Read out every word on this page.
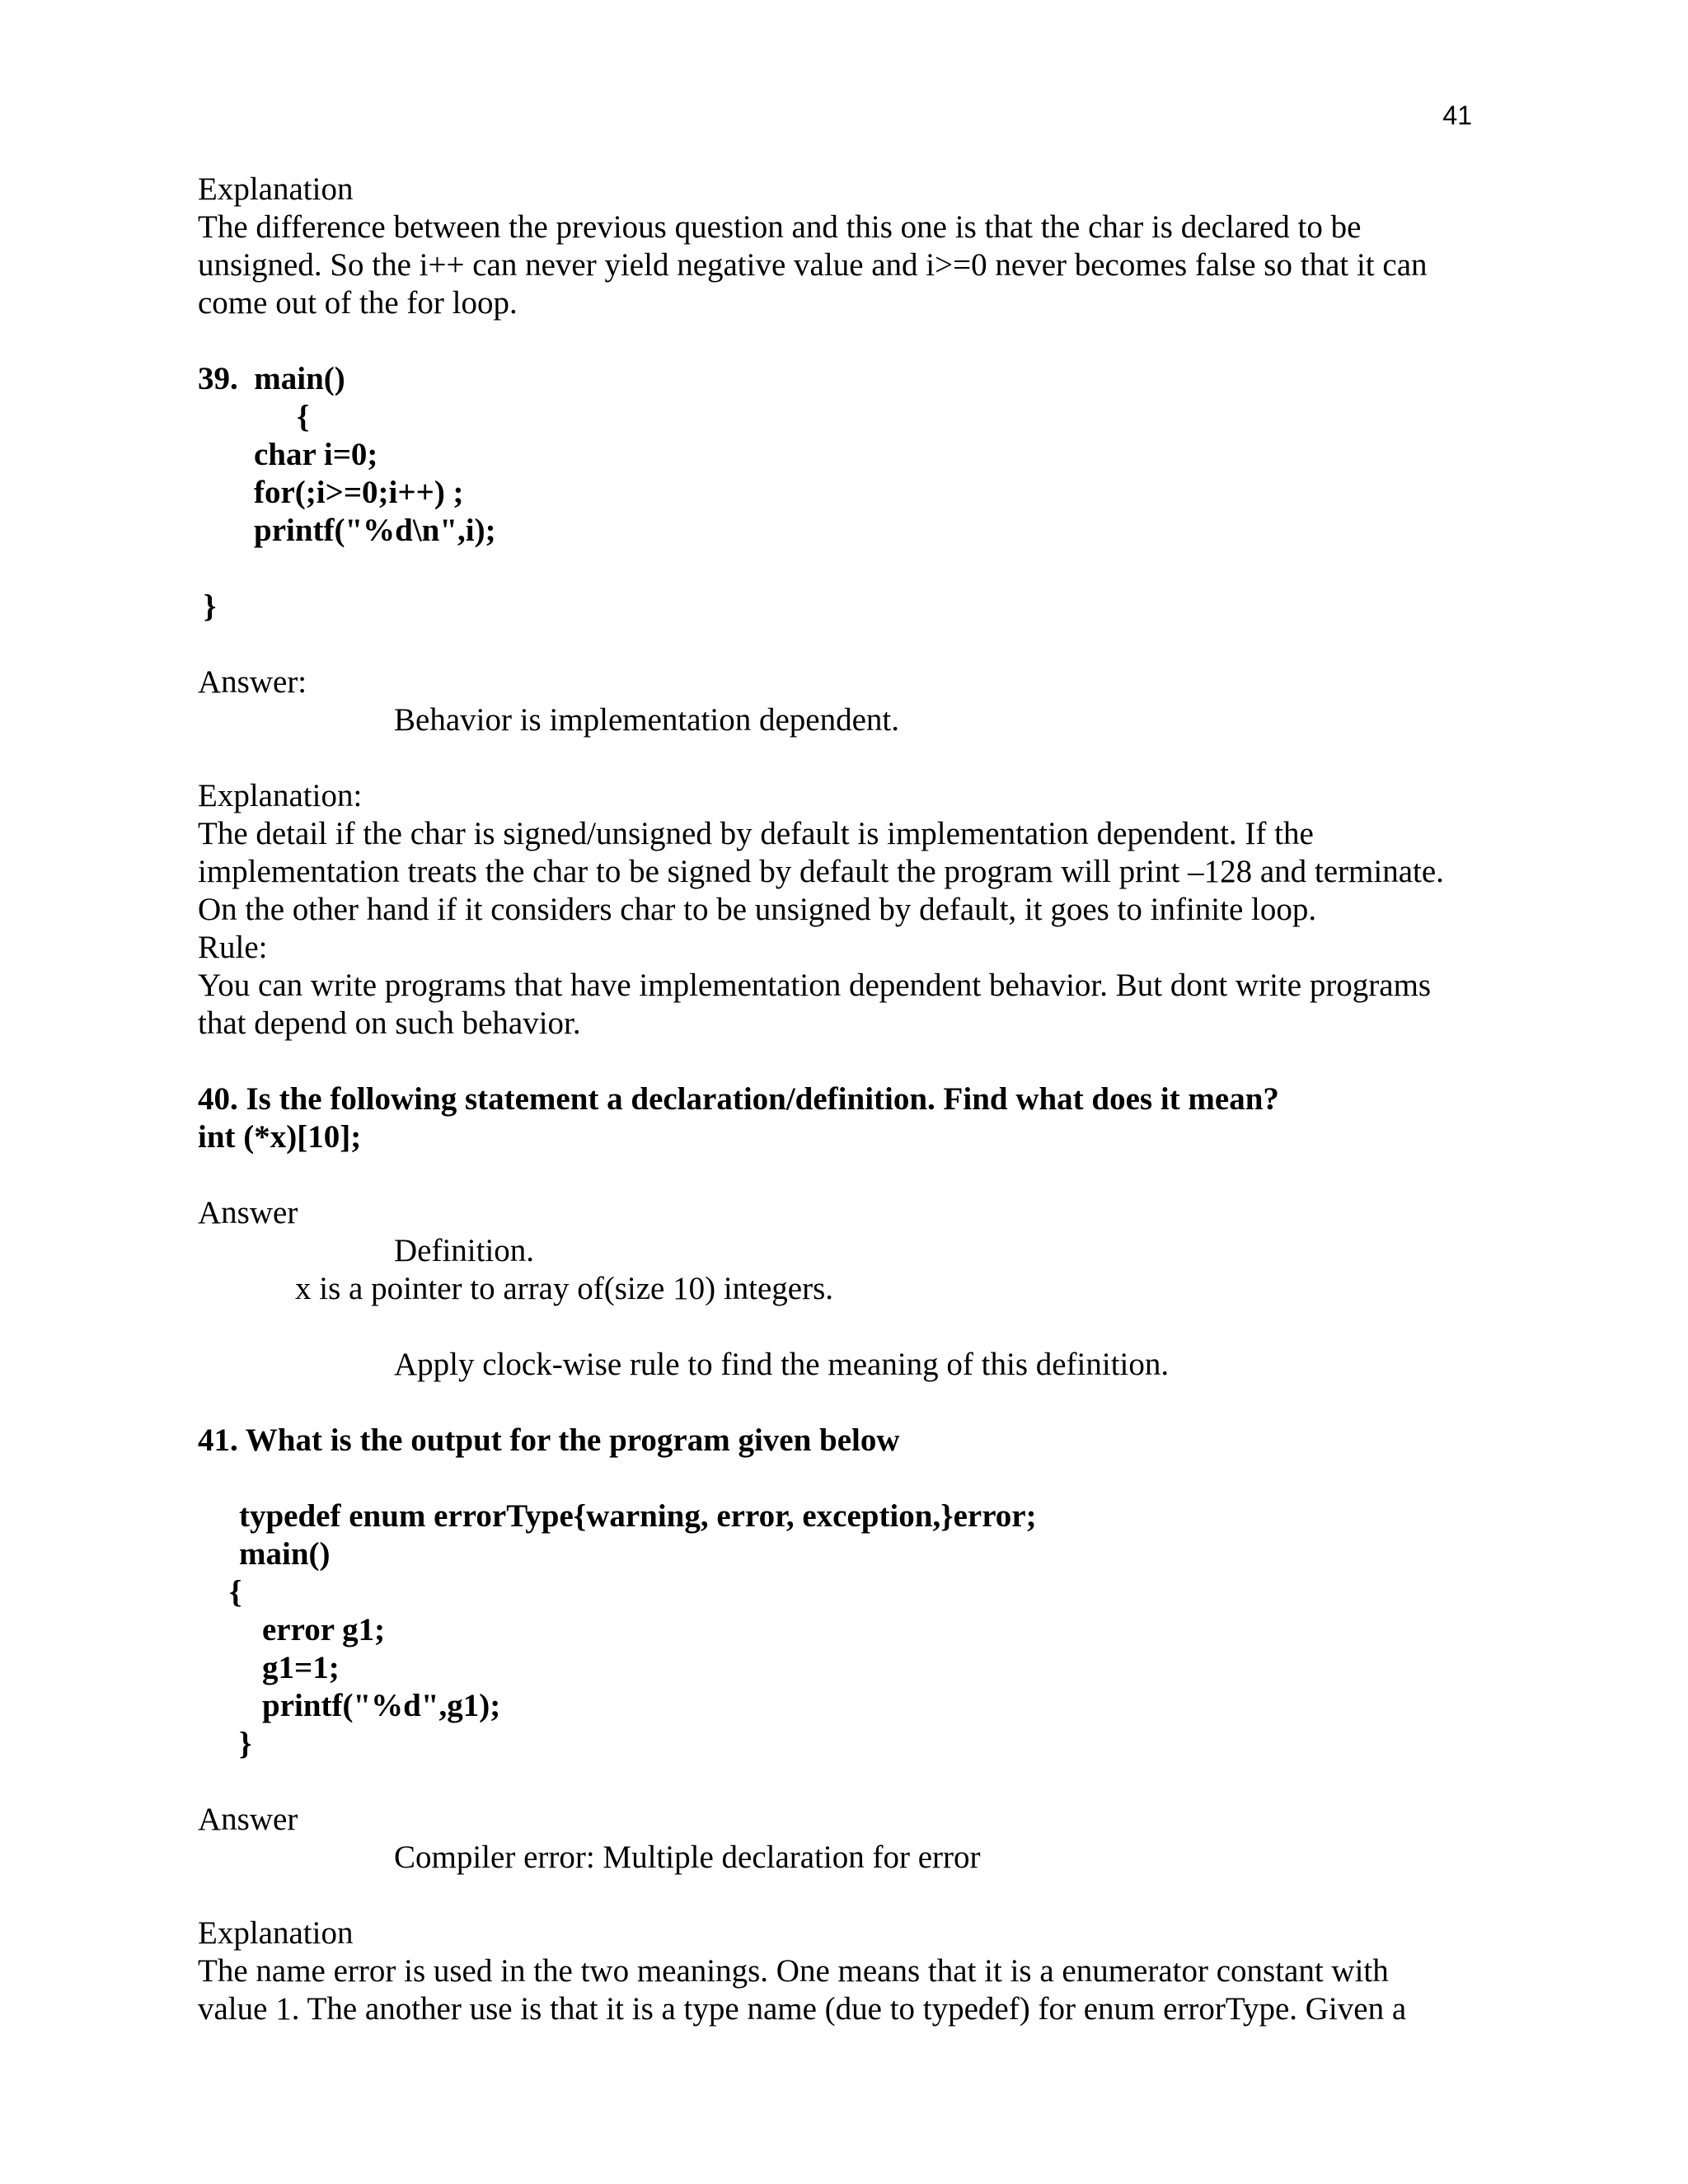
41
Explanation
The difference between the previous question and this one is that the char is declared to be
unsigned. So the i++ can never yield negative value and i>=0 never becomes false so that it can
come out of the for loop.
39.  main()
{
char i=0;
for(;i>=0;i++) ;
printf("%d\n",i);
}
Answer:
Behavior is implementation dependent.
Explanation:
The detail if the char is signed/unsigned by default is implementation dependent. If the
implementation treats the char to be signed by default the program will print –128 and terminate.
On the other hand if it considers char to be unsigned by default, it goes to infinite loop.
Rule:
You can write programs that have implementation dependent behavior. But dont write programs
that depend on such behavior.
40. Is the following statement a declaration/definition. Find what does it mean?
int (*x)[10];
Answer
Definition.
x is a pointer to array of(size 10) integers.
Apply clock-wise rule to find the meaning of this definition.
41. What is the output for the program given below
typedef enum errorType{warning, error, exception,}error;
main()
{
error g1;
g1=1;
printf("%d",g1);
}
Answer
Compiler error: Multiple declaration for error
Explanation
The name error is used in the two meanings. One means that it is a enumerator constant with
value 1. The another use is that it is a type name (due to typedef) for enum errorType. Given a
